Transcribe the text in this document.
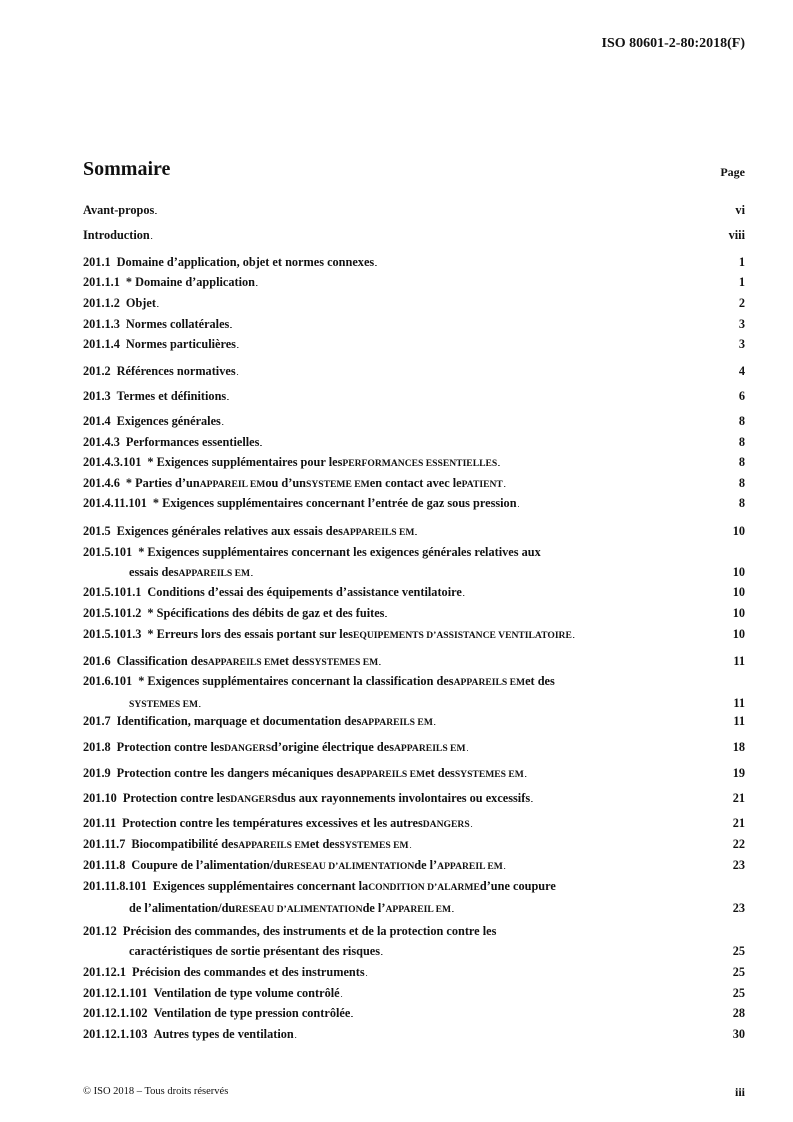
ISO 80601-2-80:2018(F)
Sommaire	Page
Avant-propos . . .	vi
Introduction . . .	viii
201.1 Domaine d’application, objet et normes connexes . . .	1
201.1.1 * Domaine d’application . . .	1
201.1.2 Objet . . .	2
201.1.3 Normes collatérales . . .	3
201.1.4 Normes particulières . . .	3
201.2 Références normatives . . .	4
201.3 Termes et définitions . . .	6
201.4 Exigences générales . . .	8
201.4.3 Performances essentielles . . .	8
201.4.3.101 * Exigences supplémentaires pour les PERFORMANCES ESSENTIELLES . . .	8
201.4.6 * Parties d’un APPAREIL EM ou d’un SYSTEME EM en contact avec le PATIENT . . .	8
201.4.11.101 * Exigences supplémentaires concernant l’entrée de gaz sous pression . . .	8
201.5 Exigences générales relatives aux essais des APPAREILS EM . . .	10
201.5.101 * Exigences supplémentaires concernant les exigences générales relatives aux
essais des APPAREILS EM . . .	10
201.5.101.1 Conditions d’essai des équipements d’assistance ventilatoire . . .	10
201.5.101.2 * Spécifications des débits de gaz et des fuites . . .	10
201.5.101.3 * Erreurs lors des essais portant sur les EQUIPEMENTS D’ASSISTANCE VENTILATOIRE . . .	10
201.6 Classification des APPAREILS EM et des SYSTEMES EM . . .	11
201.6.101 * Exigences supplémentaires concernant la classification des APPAREILS EM et des
SYSTEMES EM . . .	11
201.7 Identification, marquage et documentation des APPAREILS EM . . .	11
201.8 Protection contre les DANGERS d’origine électrique des APPAREILS EM . . .	18
201.9 Protection contre les dangers mécaniques des APPAREILS EM et des SYSTEMES EM . . .	19
201.10 Protection contre les DANGERS dus aux rayonnements involontaires ou excessifs . . .	21
201.11 Protection contre les températures excessives et les autres DANGERS . . .	21
201.11.7 Biocompatibilité des APPAREILS EM et des SYSTEMES EM . . .	22
201.11.8 Coupure de l’alimentation/du RESEAU D’ALIMENTATION de l’ APPAREIL EM . . .	23
201.11.8.101 Exigences supplémentaires concernant la CONDITION D’ALARME d’une coupure
de l’alimentation/du RESEAU D’ALIMENTATION de l’ APPAREIL EM . . .	23
201.12 Précision des commandes, des instruments et de la protection contre les
caractéristiques de sortie présentant des risques . . .	25
201.12.1 Précision des commandes et des instruments . . .	25
201.12.1.101 Ventilation de type volume contrôlé . . .	25
201.12.1.102 Ventilation de type pression contrôlée . . .	28
201.12.1.103 Autres types de ventilation . . .	30
© ISO 2018 – Tous droits réservés	iii
